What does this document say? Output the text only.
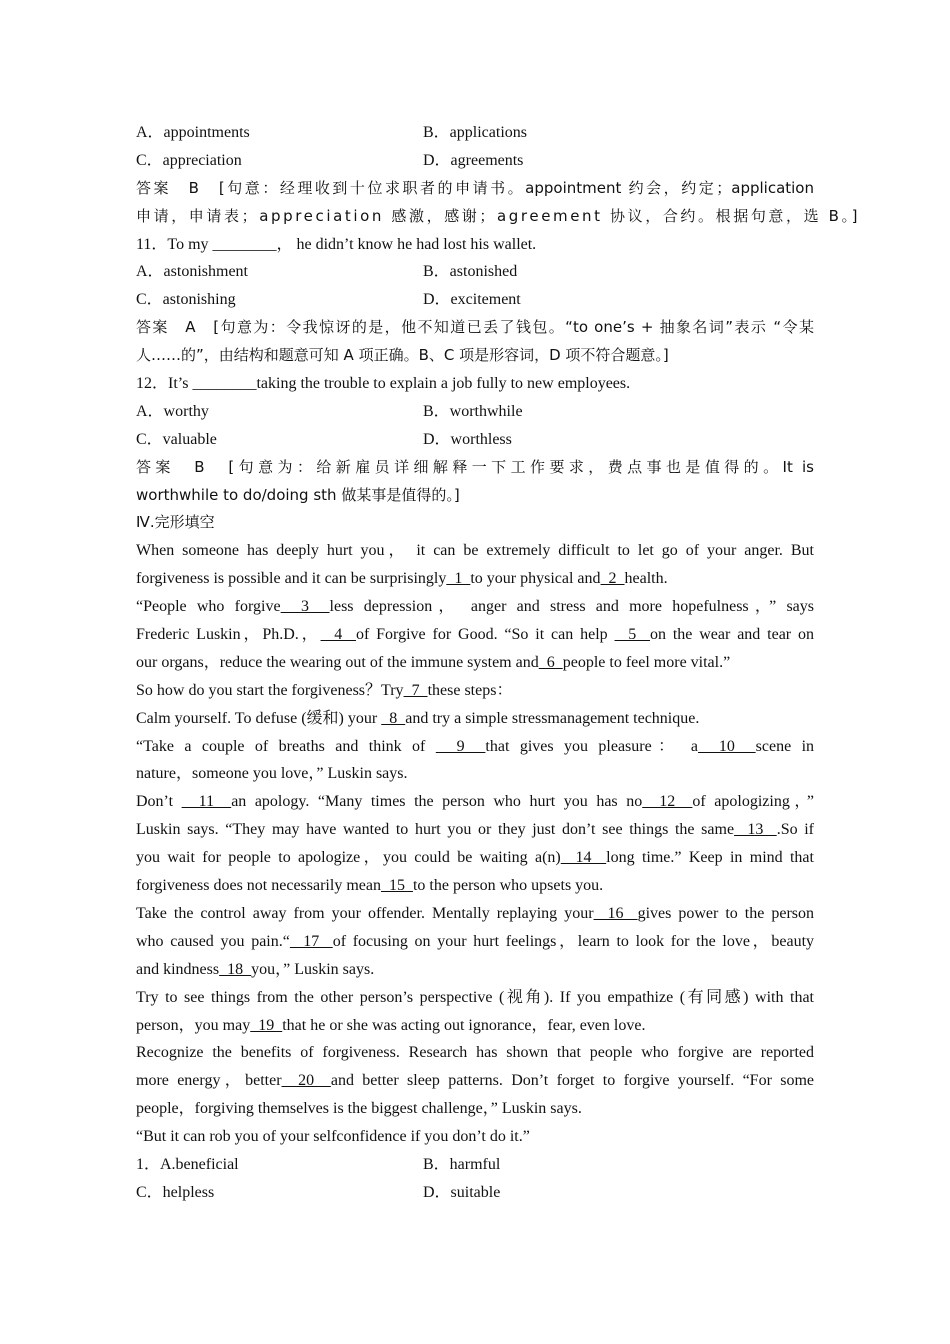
A．appointments	B．applications
C．appreciation	D．agreements
答案　B　[句意：经理收到十位求职者的申请书。appointment 约会，约定；application
申请，申请表；appreciation 感激，感谢；agreement 协议，合约。根据句意，选 B。]
11．To my ________， he didn’t know he had lost his wallet.
A．astonishment	B．astonished
C．astonishing	D．excitement
答案　A　[句意为：令我惊讶的是，他不知道已丢了钱包。“to one’s + 抽象名词”表示 “令某
人……的”，由结构和题意可知 A 项正确。B、C 项是形容词，D 项不符合题意。]
12．It’s ________taking the trouble to explain a job fully to new employees.
A．worthy	B．worthwhile
C．valuable	D．worthless
答案　B　[句意为：给新雇员详细解释一下工作要求，费点事也是值得的。It is
worthwhile to do/doing sth 做某事是值得的。]
Ⅳ.完形填空
When someone has deeply hurt you， it can be extremely difficult to let go of your anger. But
forgiveness is possible and it can be surprisingly  1  to your physical and  2  health.
“People who forgive  3  less depression， anger and stress and more hopefulness，” says
Frederic Luskin，Ph.D.，  4  of Forgive for Good. “So it can help   5  on the wear and tear on
our organs，reduce the wearing out of the immune system and  6  people to feel more vital.”
So how do you start the forgiveness？Try  7  these steps：
Calm yourself. To defuse (缓和) your   8  and try a simple stressmanagement technique.
“Take a couple of breaths and think of   9  that gives you pleasure： a  10  scene in
nature，someone you love，” Luskin says.
Don’t   11  an apology. “Many times the person who hurt you has no  12  of apologizing，”
Luskin says. “They may have wanted to hurt you or they just don’t see things the same  13  .So if
you wait for people to apologize，you could be waiting a(n)  14  long time.” Keep in mind that
forgiveness does not necessarily mean  15  to the person who upsets you.
Take the control away from your offender. Mentally replaying your  16  gives power to the person
who caused you pain.“  17  of focusing on your hurt feelings，learn to look for the love，beauty
and kindness  18  you，” Luskin says.
Try to see things from the other person’s perspective (视角). If you empathize (有同感) with that
person，you may  19  that he or she was acting out ignorance，fear, even love.
Recognize the benefits of forgiveness. Research has shown that people who forgive are reported
more energy，better  20  and better sleep patterns. Don’t forget to forgive yourself. “For some
people，forgiving themselves is the biggest challenge，” Luskin says.
“But it can rob you of your selfconfidence if you don’t do it.”
1．A.beneficial	B．harmful
C．helpless	D．suitable
